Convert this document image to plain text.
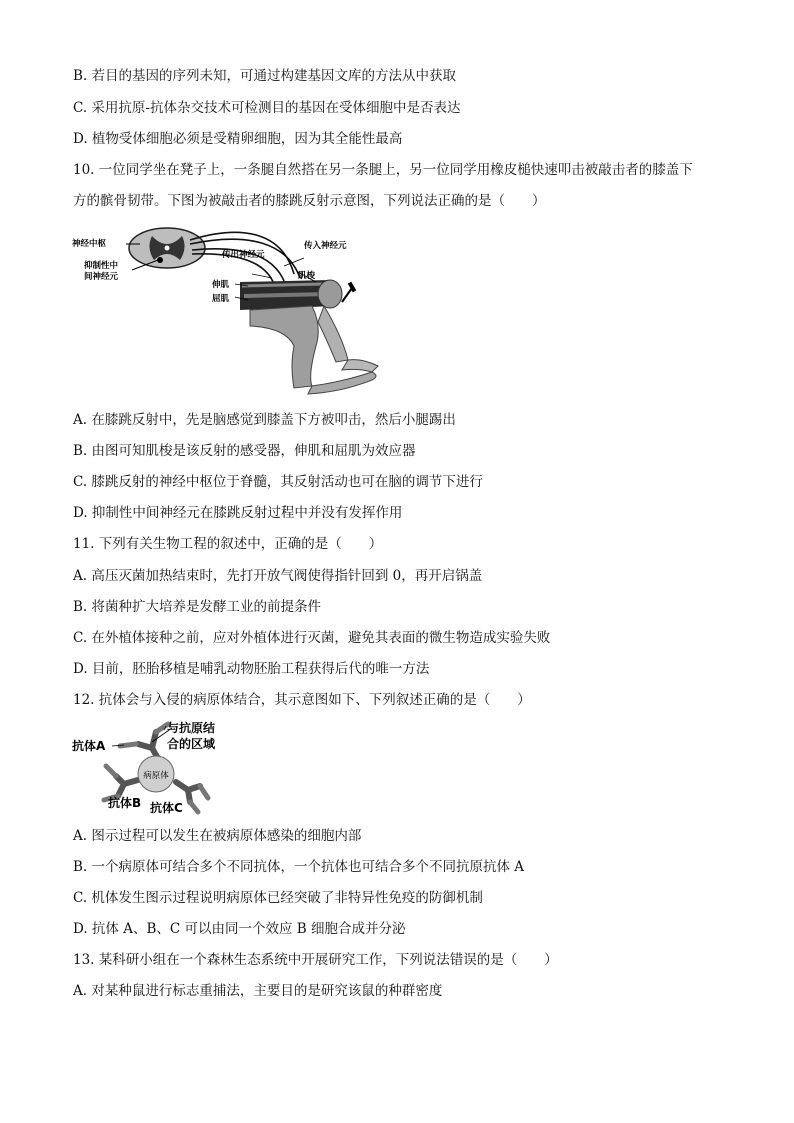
B. 若目的基因的序列未知，可通过构建基因文库的方法从中获取
C. 采用抗原-抗体杂交技术可检测目的基因在受体细胞中是否表达
D. 植物受体细胞必须是受精卵细胞，因为其全能性最高
10. 一位同学坐在凳子上，一条腿自然搭在另一条腿上，另一位同学用橡皮槌快速叩击被敲击者的膝盖下
方的髌骨韧带。下图为被敲击者的膝跳反射示意图，下列说法正确的是（　　）
神经中枢
抑制性中
间神经元
传出神经元
传入神经元
肌梭
伸肌
屈肌
A. 在膝跳反射中，先是脑感觉到膝盖下方被叩击，然后小腿踢出
B. 由图可知肌梭是该反射的感受器，伸肌和屈肌为效应器
C. 膝跳反射的神经中枢位于脊髓，其反射活动也可在脑的调节下进行
D. 抑制性中间神经元在膝跳反射过程中并没有发挥作用
11. 下列有关生物工程的叙述中，正确的是（　　）
A. 高压灭菌加热结束时，先打开放气阀使得指针回到 0，再开启锅盖
B. 将菌种扩大培养是发酵工业的前提条件
C. 在外植体接种之前，应对外植体进行灭菌，避免其表面的微生物造成实验失败
D. 目前，胚胎移植是哺乳动物胚胎工程获得后代的唯一方法
12. 抗体会与入侵的病原体结合，其示意图如下、下列叙述正确的是（　　）
与抗原结
合的区域
抗体A
病原体
抗体B 抗体C
A. 图示过程可以发生在被病原体感染的细胞内部
B. 一个病原体可结合多个不同抗体，一个抗体也可结合多个不同抗原抗体 A
C. 机体发生图示过程说明病原体已经突破了非特异性免疫的防御机制
D. 抗体 A、B、C 可以由同一个效应 B 细胞合成并分泌
13. 某科研小组在一个森林生态系统中开展研究工作，下列说法错误的是（　　）
A. 对某种鼠进行标志重捕法，主要目的是研究该鼠的种群密度
